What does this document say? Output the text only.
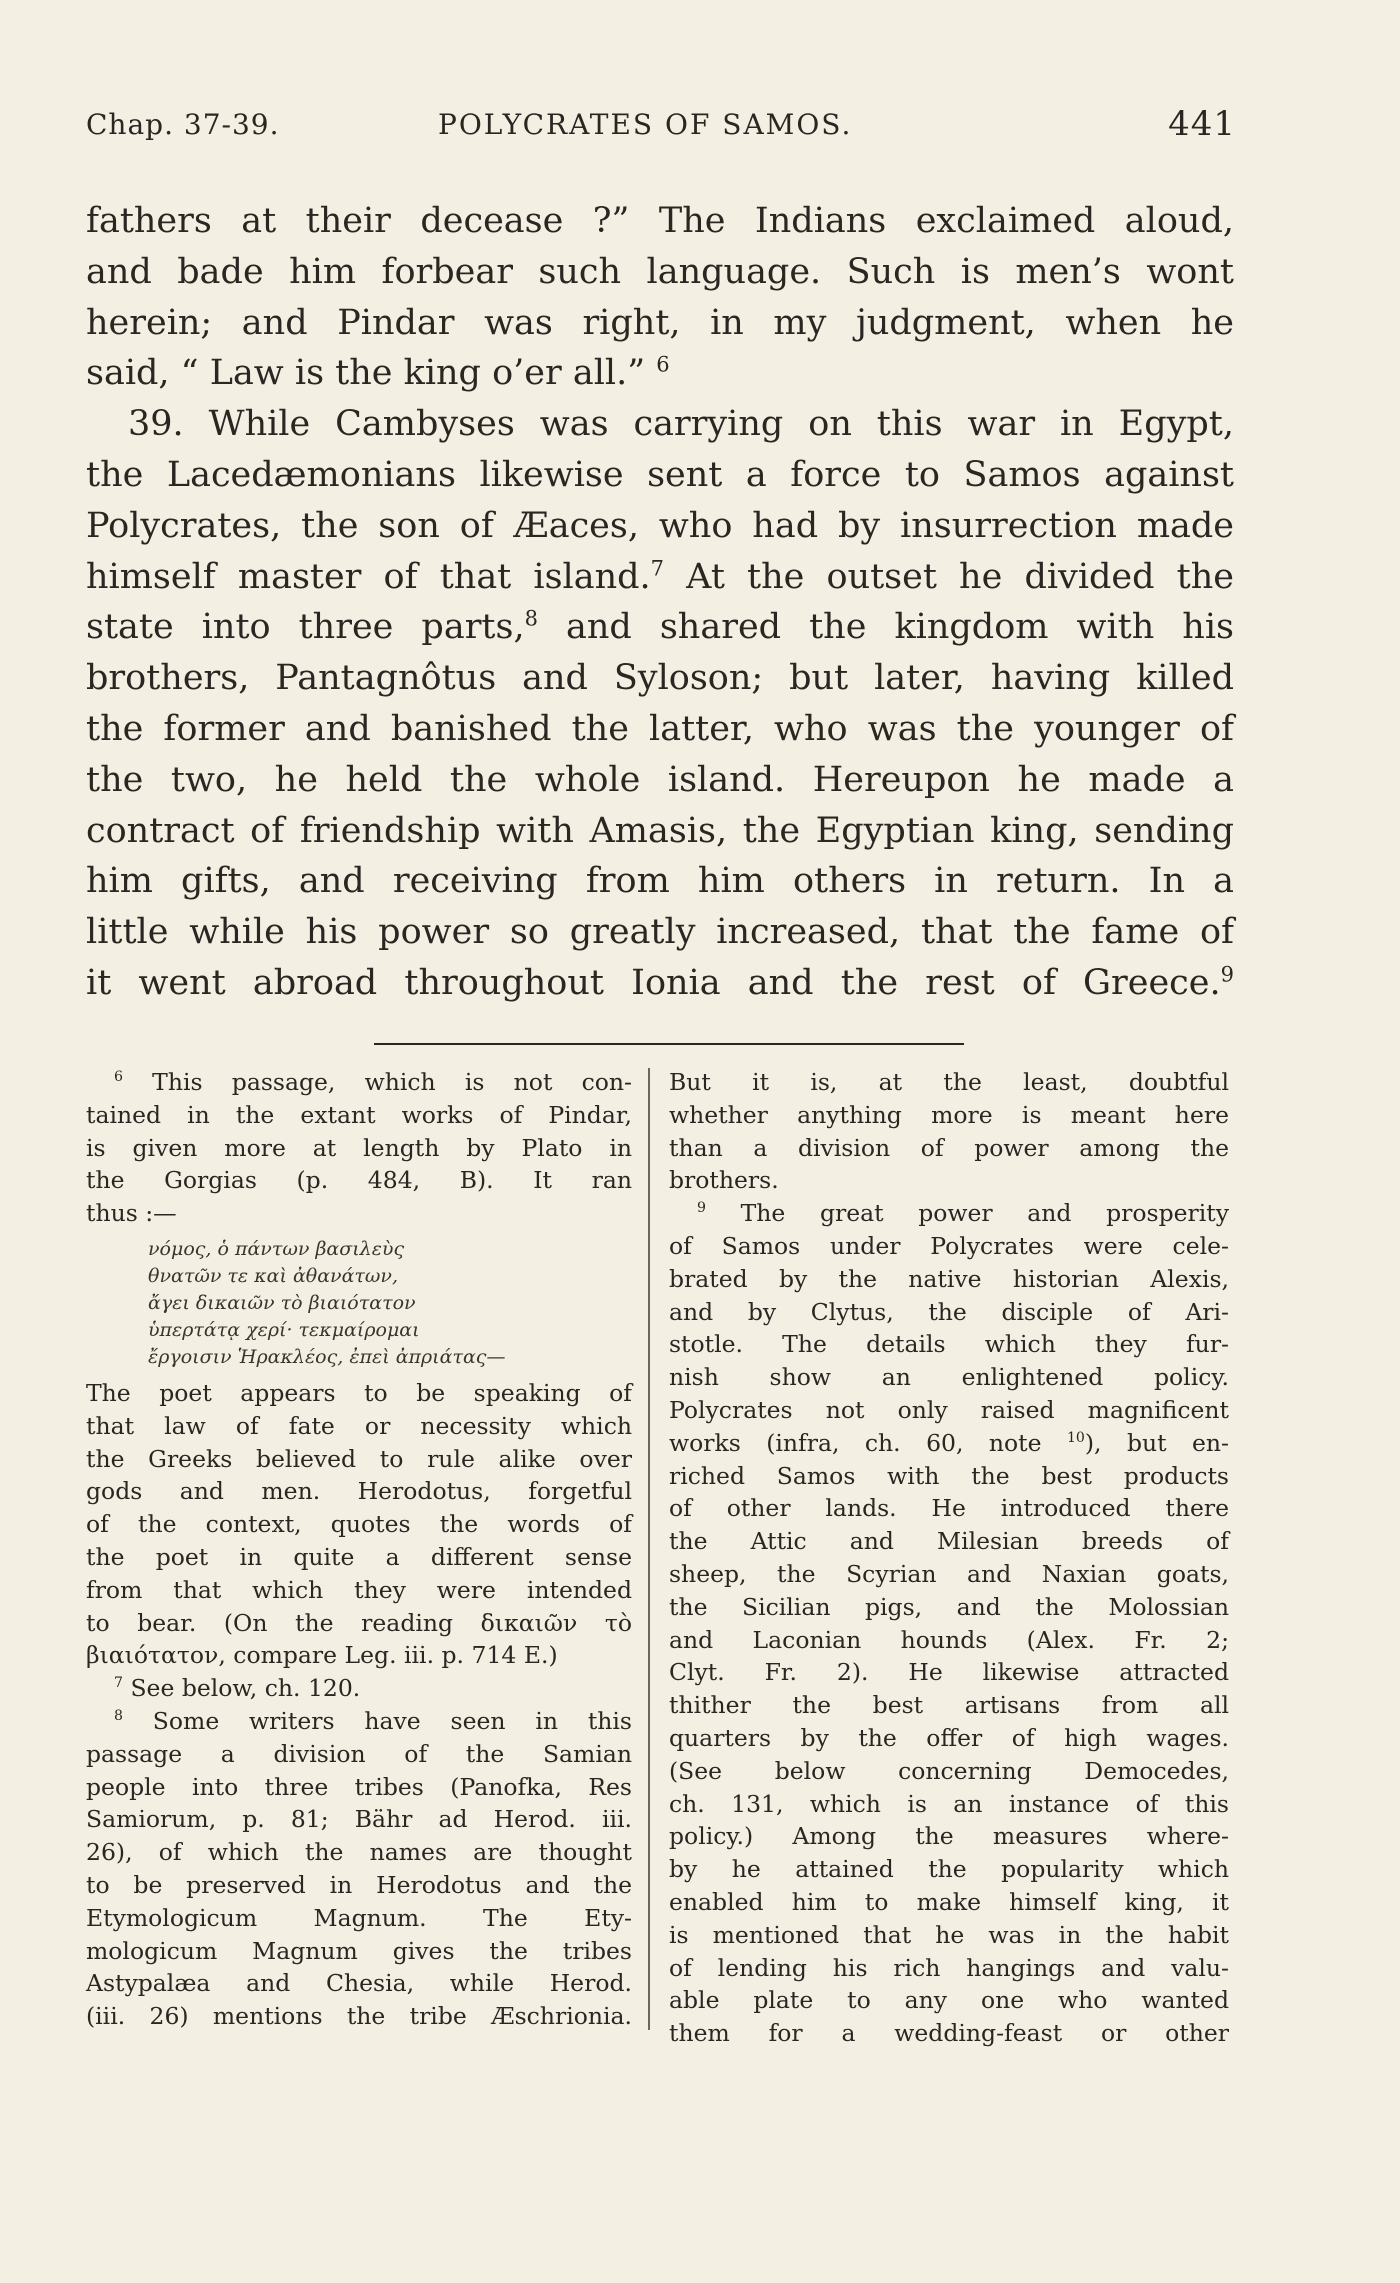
Chap. 37-39.	POLYCRATES OF SAMOS.	441
fathers at their decease ?” The Indians exclaimed aloud,
and bade him forbear such language. Such is men’s wont
herein; and Pindar was right, in my judgment, when he
said, “ Law is the king o’er all.” $^6$
39. While Cambyses was carrying on this war in Egypt,
the Lacedæmonians likewise sent a force to Samos against
Polycrates, the son of Æaces, who had by insurrection made
himself master of that island.$^7$ At the outset he divided the
state into three parts,$^8$ and shared the kingdom with his
brothers, Pantagnôtus and Syloson; but later, having killed
the former and banished the latter, who was the younger of
the two, he held the whole island. Hereupon he made a
contract of friendship with Amasis, the Egyptian king, sending
him gifts, and receiving from him others in return. In a
little while his power so greatly increased, that the fame of
it went abroad throughout Ionia and the rest of Greece.$^9$
$^6$ This passage, which is not con-
tained in the extant works of Pindar,
is given more at length by Plato in
the Gorgias (p. 484, B). It ran
thus :—
νόμος, ὁ πάντων βασιλεὺς
θνατῶν τε καὶ ἀθανάτων,
ἄγει δικαιῶν τὸ βιαιότατον
ὑπερτάτᾳ χερί· τεκμαίρομαι
ἔργοισιν Ἡρακλέος, ἐπεὶ ἀπριάτας—
The poet appears to be speaking of
that law of fate or necessity which
the Greeks believed to rule alike over
gods and men. Herodotus, forgetful
of the context, quotes the words of
the poet in quite a different sense
from that which they were intended
to bear. (On the reading δικαιῶν τὸ
βιαιότατον, compare Leg. iii. p. 714 E.)
$^7$ See below, ch. 120.
$^8$ Some writers have seen in this
passage a division of the Samian
people into three tribes (Panofka, Res
Samiorum, p. 81; Bähr ad Herod. iii.
26), of which the names are thought
to be preserved in Herodotus and the
Etymologicum Magnum. The Ety-
mologicum Magnum gives the tribes
Astypalæa and Chesia, while Herod.
(iii. 26) mentions the tribe Æschrionia.
But it is, at the least, doubtful
whether anything more is meant here
than a division of power among the
brothers.
$^9$ The great power and prosperity
of Samos under Polycrates were cele-
brated by the native historian Alexis,
and by Clytus, the disciple of Ari-
stotle. The details which they fur-
nish show an enlightened policy.
Polycrates not only raised magnificent
works (infra, ch. 60, note $^{10}$), but en-
riched Samos with the best products
of other lands. He introduced there
the Attic and Milesian breeds of
sheep, the Scyrian and Naxian goats,
the Sicilian pigs, and the Molossian
and Laconian hounds (Alex. Fr. 2;
Clyt. Fr. 2). He likewise attracted
thither the best artisans from all
quarters by the offer of high wages.
(See below concerning Democedes,
ch. 131, which is an instance of this
policy.) Among the measures where-
by he attained the popularity which
enabled him to make himself king, it
is mentioned that he was in the habit
of lending his rich hangings and valu-
able plate to any one who wanted
them for a wedding-feast or other
